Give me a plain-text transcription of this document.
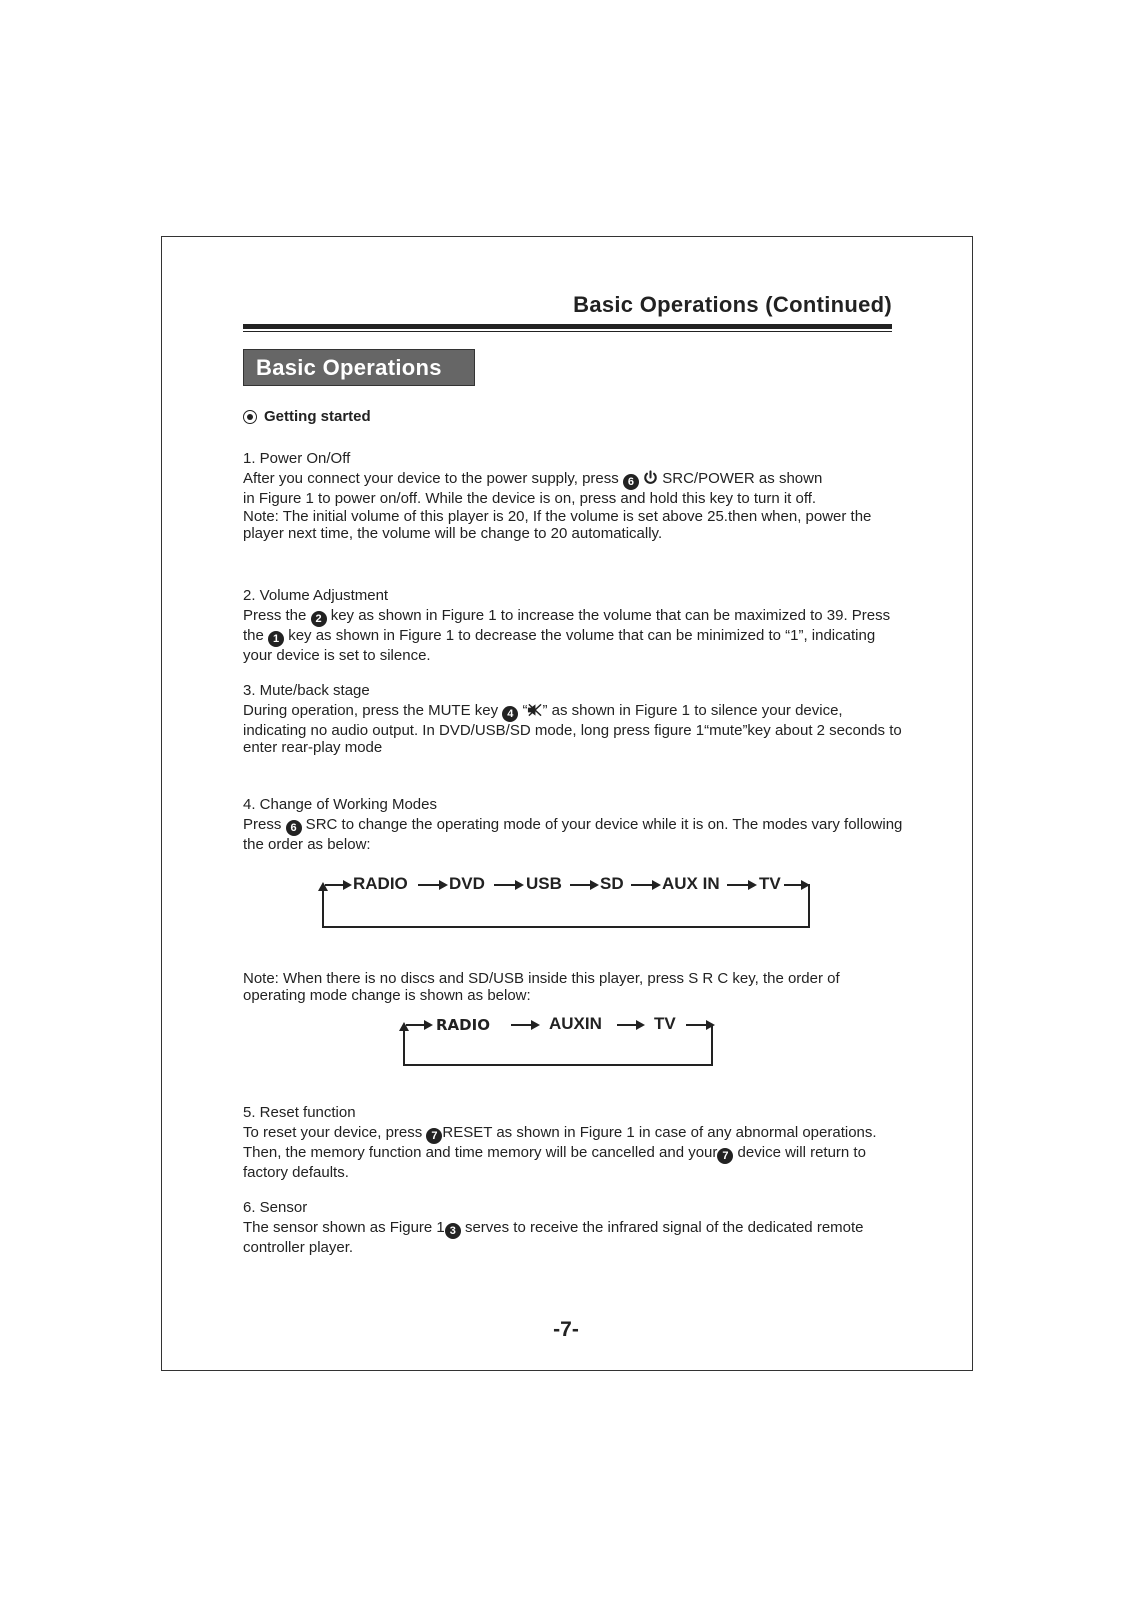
Basic Operations (Continued)
Basic Operations
Getting started
1. Power On/Off

After you connect your device to the power supply, press 6  SRC/POWER as shown
in Figure 1 to power on/off. While the device is on, press and hold this key to turn it off.

Note: The initial volume of this player is 20, If the volume is set above 25.then when, power the player next time, the volume will be change to 20 automatically.

2. Volume Adjustment

Press the 2 key as shown in Figure 1 to increase the volume that can be maximized to 39. Press the 1 key as shown in Figure 1 to decrease the volume that can be minimized to “1”, indicating your device is set to silence.

3. Mute/back stage

During operation, press the MUTE key 4 “ ” as shown in Figure 1 to silence your device, indicating no audio output. In DVD/USB/SD mode, long press figure 1“mute”key about 2 seconds to enter rear-play mode

4. Change of Working Modes

Press 6 SRC to change the operating mode of your device while it is on. The modes vary following the order as below:

RADIO DVD USB SD AUX IN TV

Note: When there is no discs and SD/USB inside this player, press S R C key, the order of operating mode change is shown as below:

RADIO	AUXIN	TV
5. Reset function

To reset your device, press 7 RESET as shown in Figure 1 in case of any abnormal operations. Then, the memory function and time memory will be cancelled and your 7 device will return to factory defaults.

6. Sensor

The sensor shown as Figure 1 3 serves to receive the infrared signal of the dedicated remote controller player.

-7-
